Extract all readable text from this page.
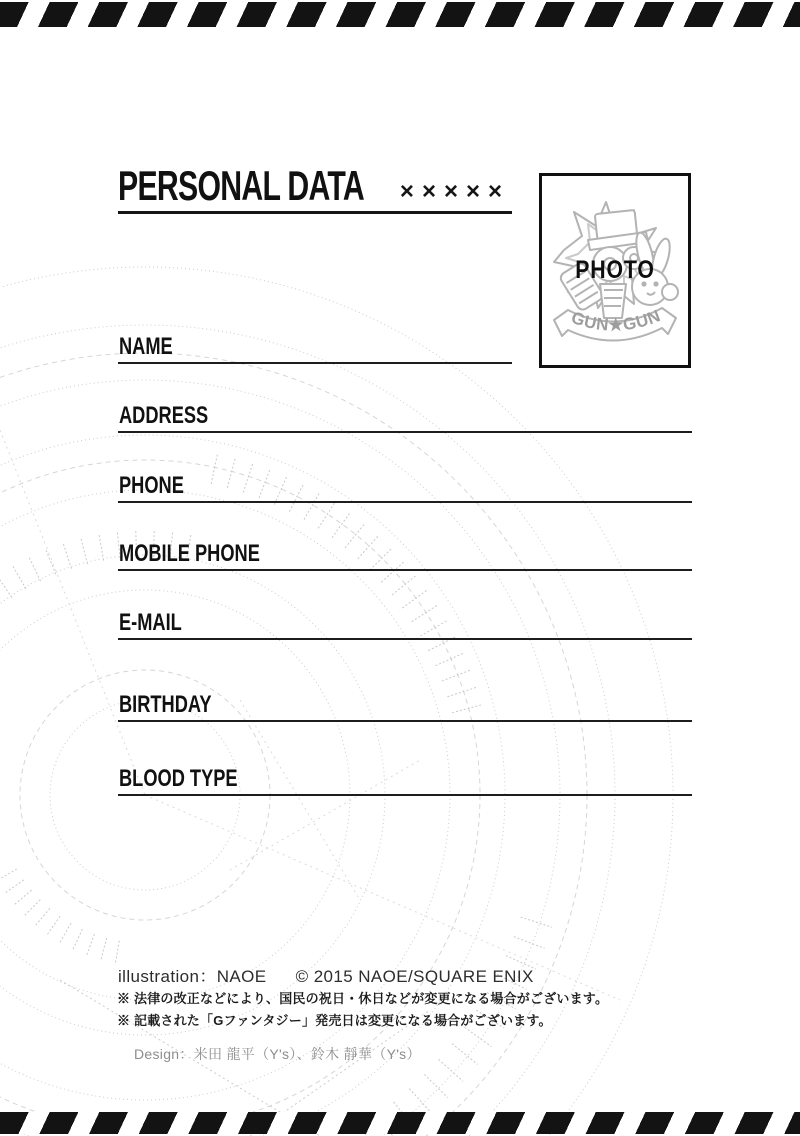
PERSONAL DATA ×××××
GUN★GUN
PHOTO
NAME
ADDRESS
PHONE
MOBILE PHONE
E-MAIL
BIRTHDAY
BLOOD TYPE
illustration：NAOE © 2015 NAOE/SQUARE ENIX
※ 法律の改正などにより、国民の祝日・休日などが変更になる場合がございます。
※ 記載された「Gファンタジー」発売日は変更になる場合がございます。
Design：米田 龍平（Y's）、鈴木 靜華（Y's）
